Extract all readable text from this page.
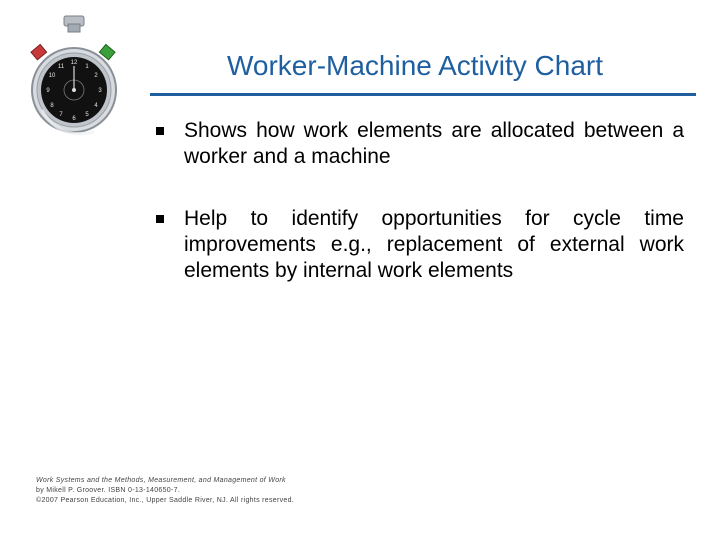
12
1
2
3
4
5
6
7
8
9
10
11	Worker-Machine Activity Chart
Shows how work elements are allocated between a worker and a machine
Help to identify opportunities for cycle time improvements e.g., replacement of external work elements by internal work elements
Work Systems and the Methods, Measurement, and Management of Work
by Mikell P. Groover. ISBN 0-13-140650-7.
©2007 Pearson Education, Inc., Upper Saddle River, NJ. All rights reserved.
